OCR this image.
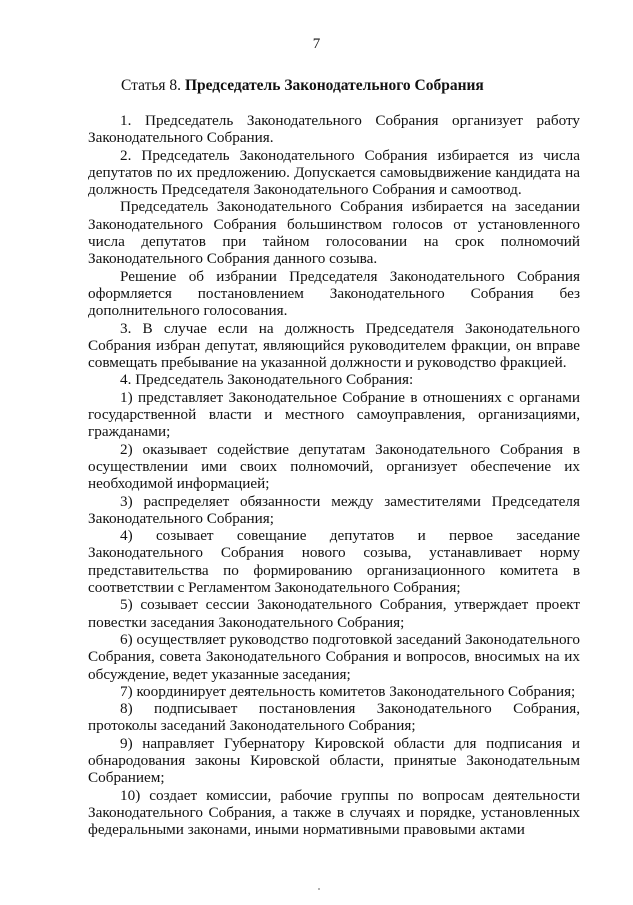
7
Статья 8. Председатель Законодательного Собрания

1. Председатель Законодательного Собрания организует работу Законодательного Собрания.

2. Председатель Законодательного Собрания избирается из числа депутатов по их предложению. Допускается самовыдвижение кандидата на должность Председателя Законодательного Собрания и самоотвод.

Председатель Законодательного Собрания избирается на заседании Законодательного Собрания большинством голосов от установленного числа депутатов при тайном голосовании на срок полномочий Законодательного Собрания данного созыва.

Решение об избрании Председателя Законодательного Собрания оформляется постановлением Законодательного Собрания без дополнительного голосования.

3. В случае если на должность Председателя Законодательного Собрания избран депутат, являющийся руководителем фракции, он вправе совмещать пребывание на указанной должности и руководство фракцией.

4. Председатель Законодательного Собрания:

1) представляет Законодательное Собрание в отношениях с органами государственной власти и местного самоуправления, организациями, гражданами;

2) оказывает содействие депутатам Законодательного Собрания в осуществлении ими своих полномочий, организует обеспечение их необходимой информацией;

3) распределяет обязанности между заместителями Председателя Законодательного Собрания;

4) созывает совещание депутатов и первое заседание Законодательного Собрания нового созыва, устанавливает норму представительства по формированию организационного комитета в соответствии с Регламентом Законодательного Собрания;

5) созывает сессии Законодательного Собрания, утверждает проект повестки заседания Законодательного Собрания;

6) осуществляет руководство подготовкой заседаний Законодательного Собрания, совета Законодательного Собрания и вопросов, вносимых на их обсуждение, ведет указанные заседания;

7) координирует деятельность комитетов Законодательного Собрания;

8) подписывает постановления Законодательного Собрания, протоколы заседаний Законодательного Собрания;

9) направляет Губернатору Кировской области для подписания и обнародования законы Кировской области, принятые Законодательным Собранием;

10) создает комиссии, рабочие группы по вопросам деятельности Законодательного Собрания, а также в случаях и порядке, установленных федеральными законами, иными нормативными правовыми актами
